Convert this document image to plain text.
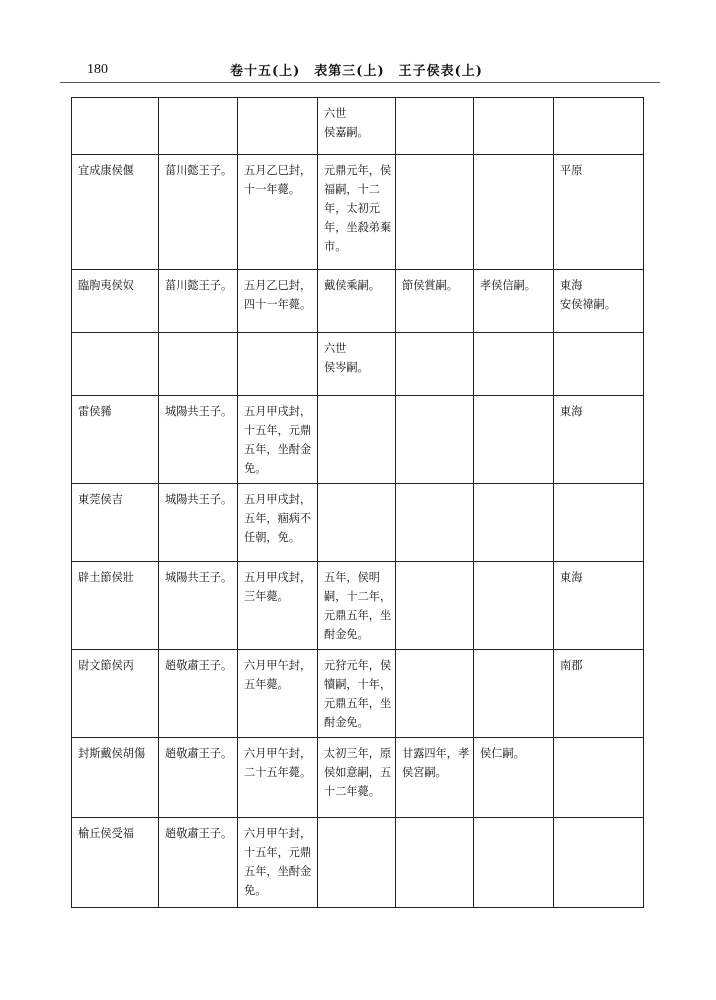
180	卷十五(上)　表第三(上)　王子侯表(上)

			六世
侯嘉嗣。			

宜成康侯偃	菑川懿王子。	五月乙巳封，十一年薨。	元鼎元年，侯福嗣，十二年，太初元年，坐殺弟棄市。			平原

臨朐夷侯奴	菑川懿王子。	五月乙巳封，四十一年薨。	戴侯乘嗣。	節侯賞嗣。	孝侯信嗣。	東海
安侯禕嗣。

			六世
侯岑嗣。			

雷侯豨	城陽共王子。	五月甲戌封，十五年，元鼎五年，坐酎金免。				東海

東莞侯吉	城陽共王子。	五月甲戌封，五年，痼病不任朝，免。				

辟土節侯壯	城陽共王子。	五月甲戌封，三年薨。	五年，侯明嗣，十二年，元鼎五年，坐酎金免。			東海

尉文節侯丙	趙敬肅王子。	六月甲午封，五年薨。	元狩元年，侯犢嗣，十年，元鼎五年，坐酎金免。			南郡

封斯戴侯胡傷	趙敬肅王子。	六月甲午封，二十五年薨。	太初三年，原侯如意嗣，五十二年薨。	甘露四年，孝侯宮嗣。	侯仁嗣。	

榆丘侯受福	趙敬肅王子。	六月甲午封，十五年，元鼎五年，坐酎金免。				
